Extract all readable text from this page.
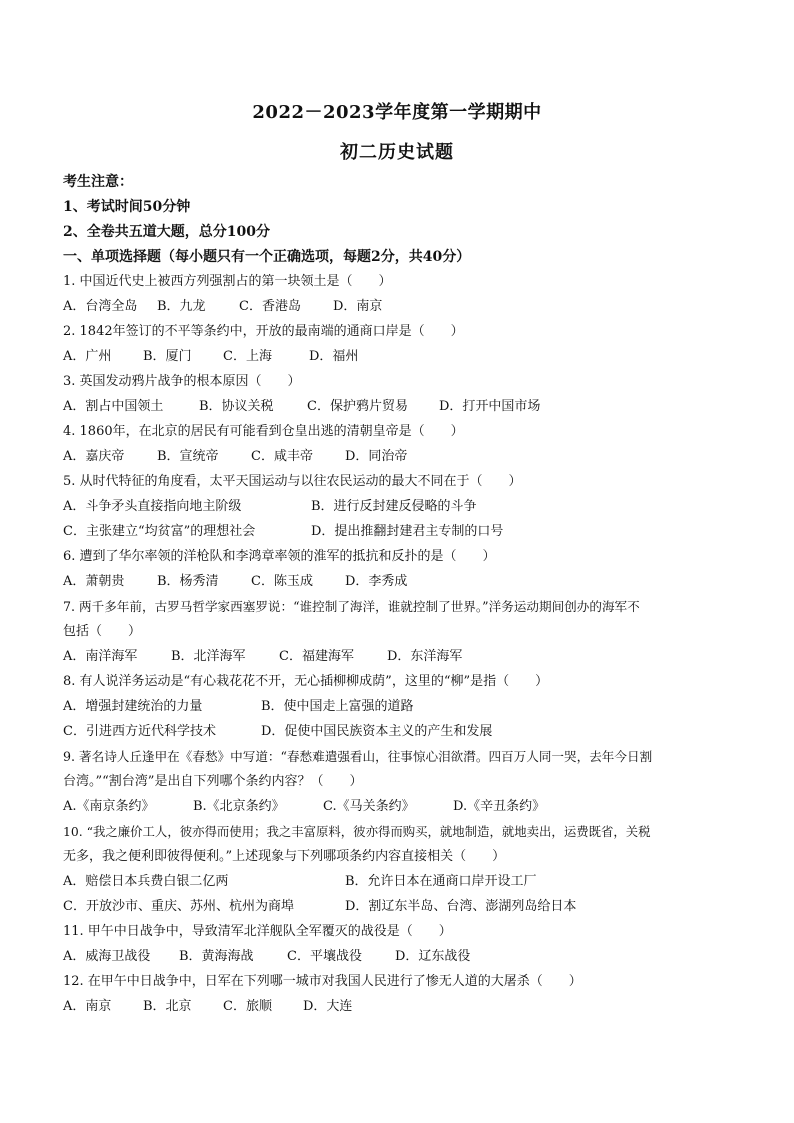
2022－2023学年度第一学期期中
初二历史试题
考生注意：
1、考试时间50分钟
2、全卷共五道大题，总分100分
一、单项选择题（每小题只有一个正确选项，每题2分，共40分）
1. 中国近代史上被西方列强割占的第一块领土是（　　）
A．台湾全岛	B．九龙	C．香港岛	D．南京
2. 1842年签订的不平等条约中，开放的最南端的通商口岸是（　　）
A．广州	B．厦门	C．上海	D．福州
3. 英国发动鸦片战争的根本原因（　　）
A．割占中国领土	B．协议关税	C．保护鸦片贸易	D．打开中国市场
4. 1860年，在北京的居民有可能看到仓皇出逃的清朝皇帝是（　　）
A．嘉庆帝	B．宣统帝	C．咸丰帝	D．同治帝
5. 从时代特征的角度看，太平天国运动与以往农民运动的最大不同在于（　　）
A．斗争矛头直接指向地主阶级	B．进行反封建反侵略的斗争
C．主张建立“均贫富”的理想社会	D．提出推翻封建君主专制的口号
6. 遭到了华尔率领的洋枪队和李鸿章率领的淮军的抵抗和反扑的是（　　）
A．萧朝贵	B．杨秀清	C．陈玉成	D．李秀成
7. 两千多年前，古罗马哲学家西塞罗说：“谁控制了海洋，谁就控制了世界。”洋务运动期间创办的海军不
包括（　　）
A．南洋海军	B．北洋海军	C．福建海军	D．东洋海军
8. 有人说洋务运动是“有心栽花花不开，无心插柳柳成荫”，这里的“柳”是指（　　）
A．增强封建统治的力量	B．使中国走上富强的道路
C．引进西方近代科学技术	D．促使中国民族资本主义的产生和发展
9. 著名诗人丘逢甲在《春愁》中写道：“春愁难遣强看山，往事惊心泪欲潸。四百万人同一哭，去年今日割
台湾。”“割台湾”是出自下列哪个条约内容？（　　）
A.《南京条约》	B.《北京条约》	C.《马关条约》	D.《辛丑条约》
10. “我之廉价工人，彼亦得而使用；我之丰富原料，彼亦得而购买，就地制造，就地卖出，运费既省，关税
无多，我之便利即彼得便利。”上述现象与下列哪项条约内容直接相关（　　）
A．赔偿日本兵费白银二亿两	B．允许日本在通商口岸开设工厂
C．开放沙市、重庆、苏州、杭州为商埠	D．割辽东半岛、台湾、澎湖列岛给日本
11. 甲午中日战争中，导致清军北洋舰队全军覆灭的战役是（　　）
A．威海卫战役	B．黄海海战	C．平壤战役	D．辽东战役
12. 在甲午中日战争中，日军在下列哪一城市对我国人民进行了惨无人道的大屠杀（　　）
A．南京	B．北京	C．旅顺	D．大连
